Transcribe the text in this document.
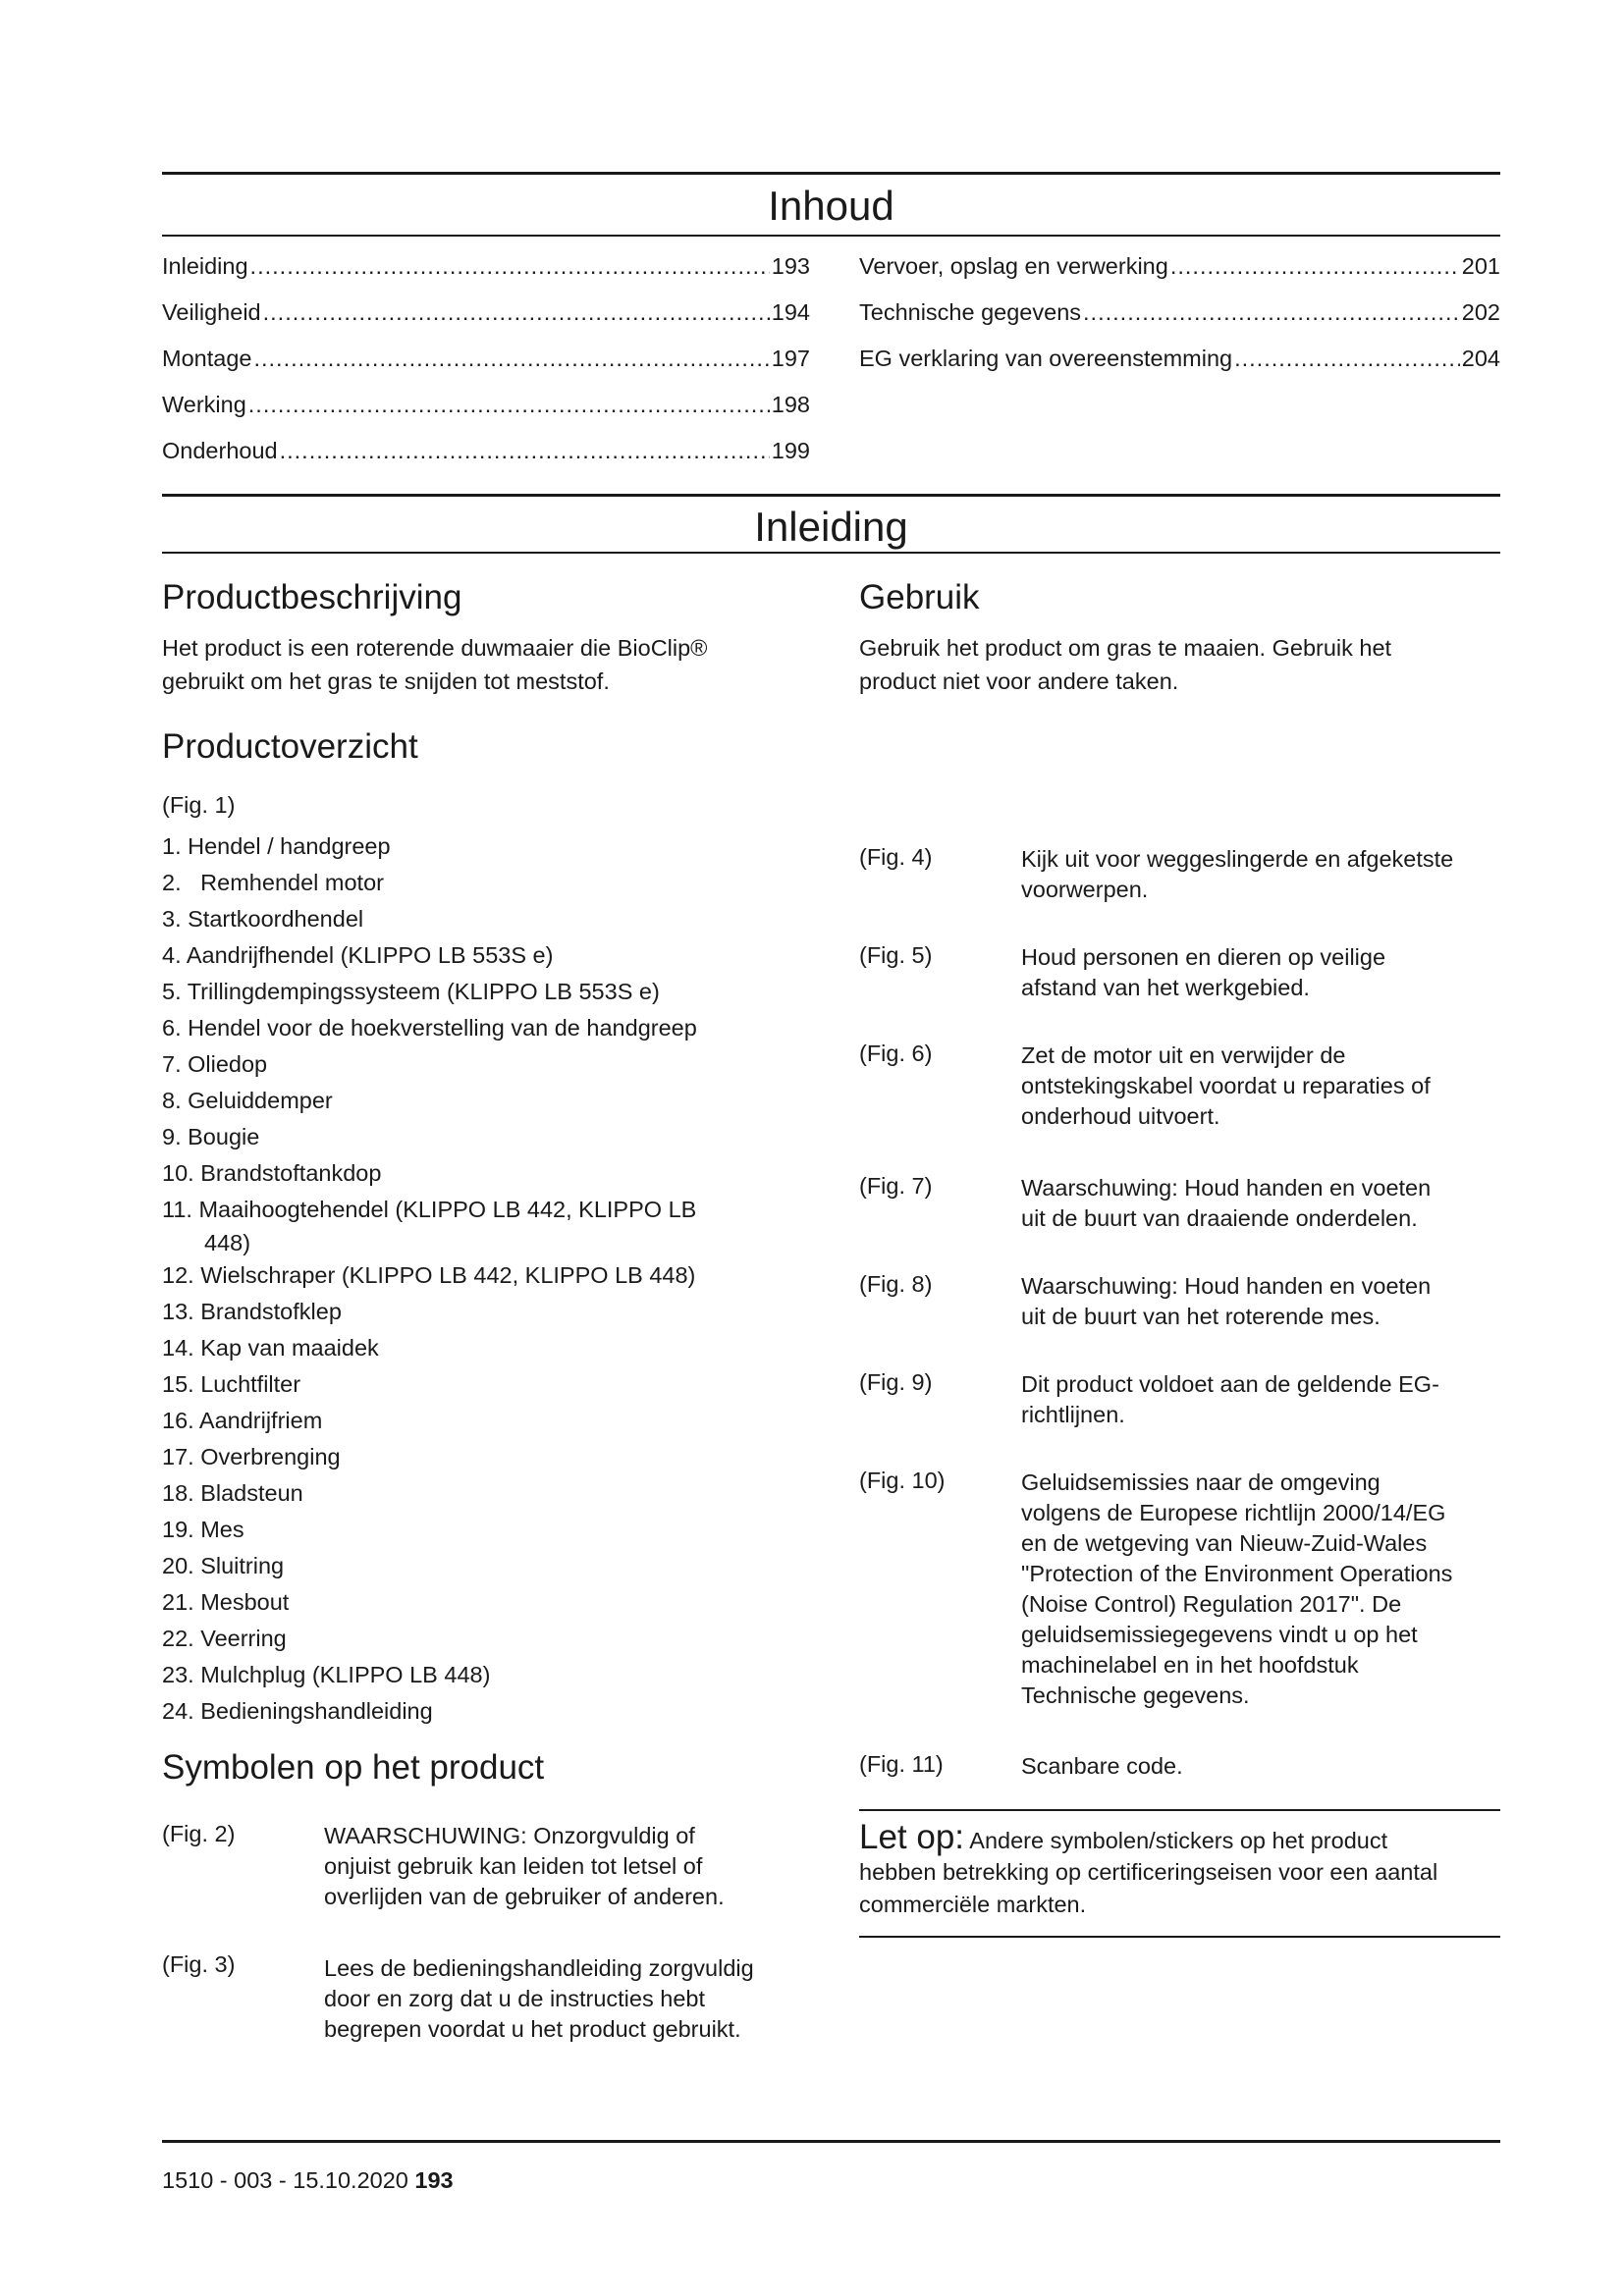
Inhoud
Inleiding .....	193
Veiligheid .....	194
Montage .....	197
Werking .....	198
Onderhoud .....	199
Vervoer, opslag en verwerking .....	201
Technische gegevens .....	202
EG verklaring van overeenstemming .....	204
Inleiding
Productbeschrijving
Het product is een roterende duwmaaier die BioClip®
gebruikt om het gras te snijden tot meststof.
Gebruik
Gebruik het product om gras te maaien. Gebruik het
product niet voor andere taken.
Productoverzicht
(Fig. 1)
1. Hendel / handgreep
2.   Remhendel motor
3. Startkoordhendel
4. Aandrijfhendel (KLIPPO LB 553S e)
5. Trillingdempingssysteem (KLIPPO LB 553S e)
6. Hendel voor de hoekverstelling van de handgreep
7. Oliedop
8. Geluiddemper
9. Bougie
10. Brandstoftankdop
11. Maaihoogtehendel (KLIPPO LB 442, KLIPPO LB
448)
12. Wielschraper (KLIPPO LB 442, KLIPPO LB 448)
13. Brandstofklep
14. Kap van maaidek
15. Luchtfilter
16. Aandrijfriem
17. Overbrenging
18. Bladsteun
19. Mes
20. Sluitring
21. Mesbout
22. Veerring
23. Mulchplug (KLIPPO LB 448)
24. Bedieningshandleiding
Symbolen op het product
(Fig. 2)	WAARSCHUWING: Onzorgvuldig of
onjuist gebruik kan leiden tot letsel of
overlijden van de gebruiker of anderen.
(Fig. 3)	Lees de bedieningshandleiding zorgvuldig
door en zorg dat u de instructies hebt
begrepen voordat u het product gebruikt.
(Fig. 4)	Kijk uit voor weggeslingerde en afgeketste
voorwerpen.
(Fig. 5)	Houd personen en dieren op veilige
afstand van het werkgebied.
(Fig. 6)	Zet de motor uit en verwijder de
ontstekingskabel voordat u reparaties of
onderhoud uitvoert.
(Fig. 7)	Waarschuwing: Houd handen en voeten
uit de buurt van draaiende onderdelen.
(Fig. 8)	Waarschuwing: Houd handen en voeten
uit de buurt van het roterende mes.
(Fig. 9)	Dit product voldoet aan de geldende EG-
richtlijnen.
(Fig. 10)	Geluidsemissies naar de omgeving
volgens de Europese richtlijn 2000/14/EG
en de wetgeving van Nieuw-Zuid-Wales
"Protection of the Environment Operations
(Noise Control) Regulation 2017". De
geluidsemissiegegevens vindt u op het
machinelabel en in het hoofdstuk
Technische gegevens.
(Fig. 11)	Scanbare code.
Let op: Andere symbolen/stickers op het product
hebben betrekking op certificeringseisen voor een aantal
commerciële markten.
1510 - 003 - 15.10.2020 193
